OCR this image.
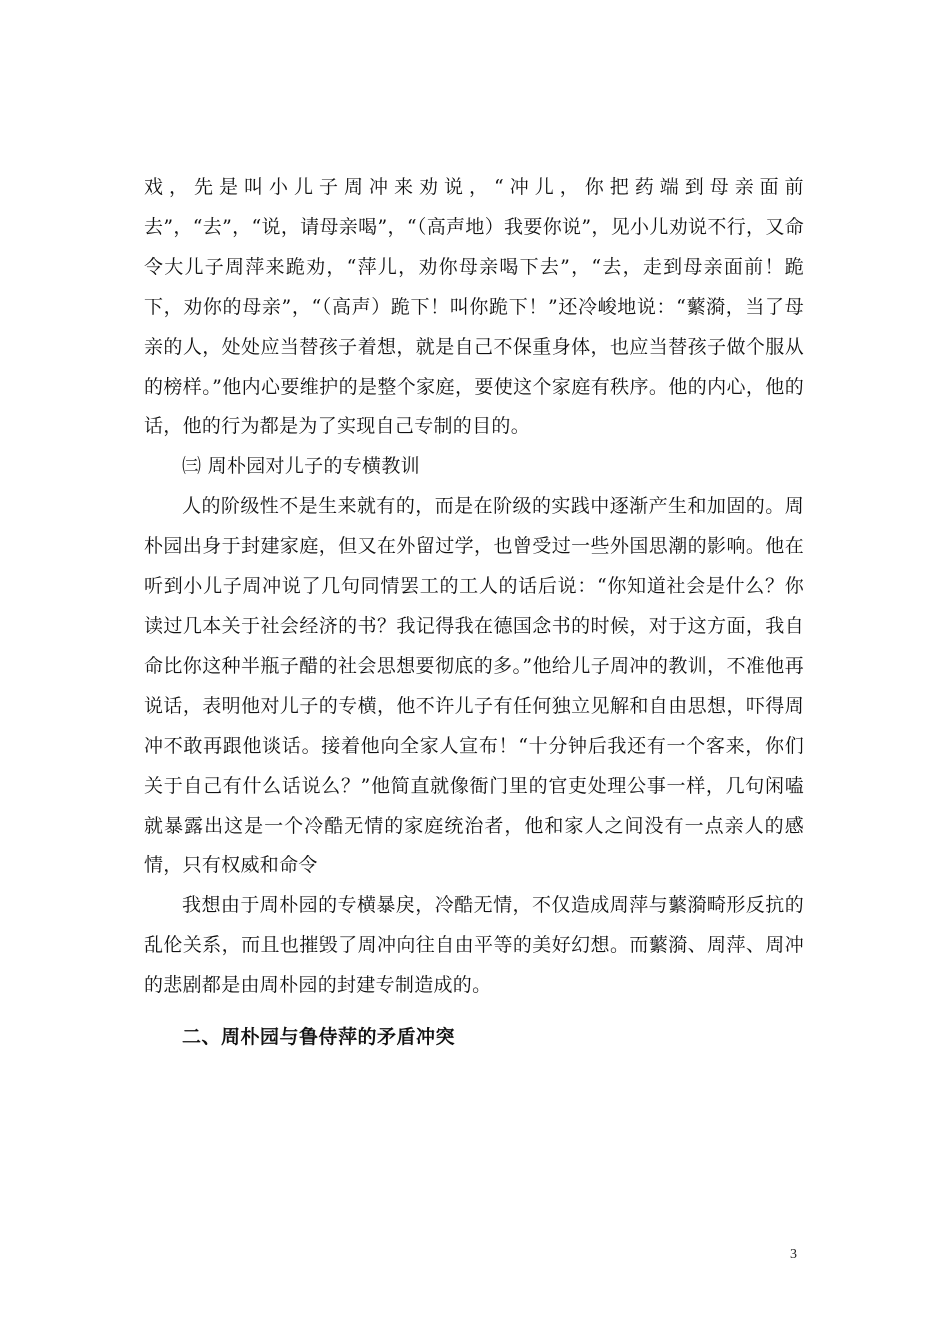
戏，先是叫小儿子周冲来劝说，“冲儿，你把药端到母亲面前去”，“去”，“说，请母亲喝”，“（高声地）我要你说”，见小儿劝说不行，又命令大儿子周萍来跪劝，“萍儿，劝你母亲喝下去”，“去，走到母亲面前！跪下，劝你的母亲”，“（高声）跪下！叫你跪下！”还冷峻地说：“蘩漪，当了母亲的人，处处应当替孩子着想，就是自己不保重身体，也应当替孩子做个服从的榜样。”他内心要维护的是整个家庭，要使这个家庭有秩序。他的内心，他的话，他的行为都是为了实现自己专制的目的。

㈢ 周朴园对儿子的专横教训

人的阶级性不是生来就有的，而是在阶级的实践中逐渐产生和加固的。周朴园出身于封建家庭，但又在外留过学，也曾受过一些外国思潮的影响。他在听到小儿子周冲说了几句同情罢工的工人的话后说：“你知道社会是什么？你读过几本关于社会经济的书？我记得我在德国念书的时候，对于这方面，我自命比你这种半瓶子醋的社会思想要彻底的多。”他给儿子周冲的教训，不准他再说话，表明他对儿子的专横，他不许儿子有任何独立见解和自由思想，吓得周冲不敢再跟他谈话。接着他向全家人宣布！“十分钟后我还有一个客来，你们关于自己有什么话说么？”他简直就像衙门里的官吏处理公事一样，几句闲嗑就暴露出这是一个冷酷无情的家庭统治者，他和家人之间没有一点亲人的感情，只有权威和命令

我想由于周朴园的专横暴戾，冷酷无情，不仅造成周萍与蘩漪畸形反抗的乱伦关系，而且也摧毁了周冲向往自由平等的美好幻想。而蘩漪、周萍、周冲的悲剧都是由周朴园的封建专制造成的。

二、周朴园与鲁侍萍的矛盾冲突

3
